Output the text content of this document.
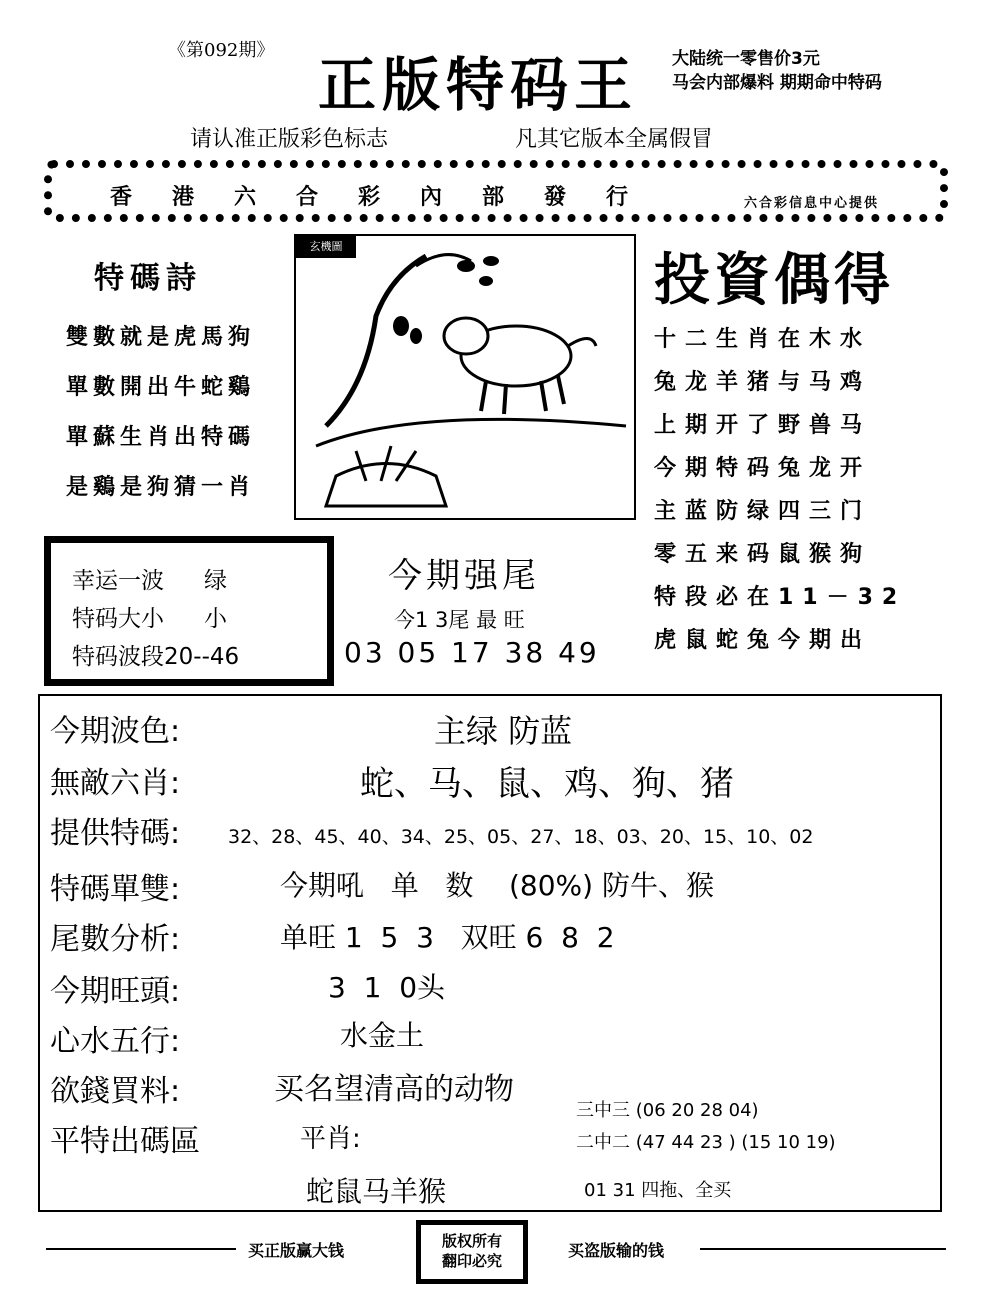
《第092期》
正版特码王 大陆统一零售价3元
马会内部爆料 期期命中特码
请认准正版彩色标志	凡其它版本全属假冒
香港六合彩內部發行	六合彩信息中心提供
特碼詩
雙數就是虎馬狗
單數開出牛蛇鷄
單蘇生肖出特碼
是鷄是狗猜一肖
玄機圖
投資偶得
十二生肖在木水
兔龙羊猪与马鸡
上期开了野兽马
今期特码兔龙开
主蓝防绿四三门
零五来码鼠猴狗
特段必在11－32
虎鼠蛇兔今期出
幸运一波 绿
特码大小 小
特码波段20--46
今期强尾
今1 3尾 最 旺
03 05 17 38 49
今期波色:	主绿 防蓝
無敵六肖:	蛇、马、鼠、鸡、狗、猪
提供特碼:	32、28、45、40、34、25、05、27、18、03、20、15、10、02
特碼單雙:	今期吼   单   数    (80%) 防牛、猴
尾數分析:	单旺 1  5  3   双旺 6  8  2
今期旺頭:	3  1  0头
心水五行:	水金土
欲錢買料:	买名望清高的动物
平特出碼區	平肖:
蛇鼠马羊猴
三中三 (06 20 28 04)
二中二 (47 44 23 ) (15 10 19)
01 31 四拖、全买
买正版赢大钱	版权所有
翻印必究
买盗版输的钱
